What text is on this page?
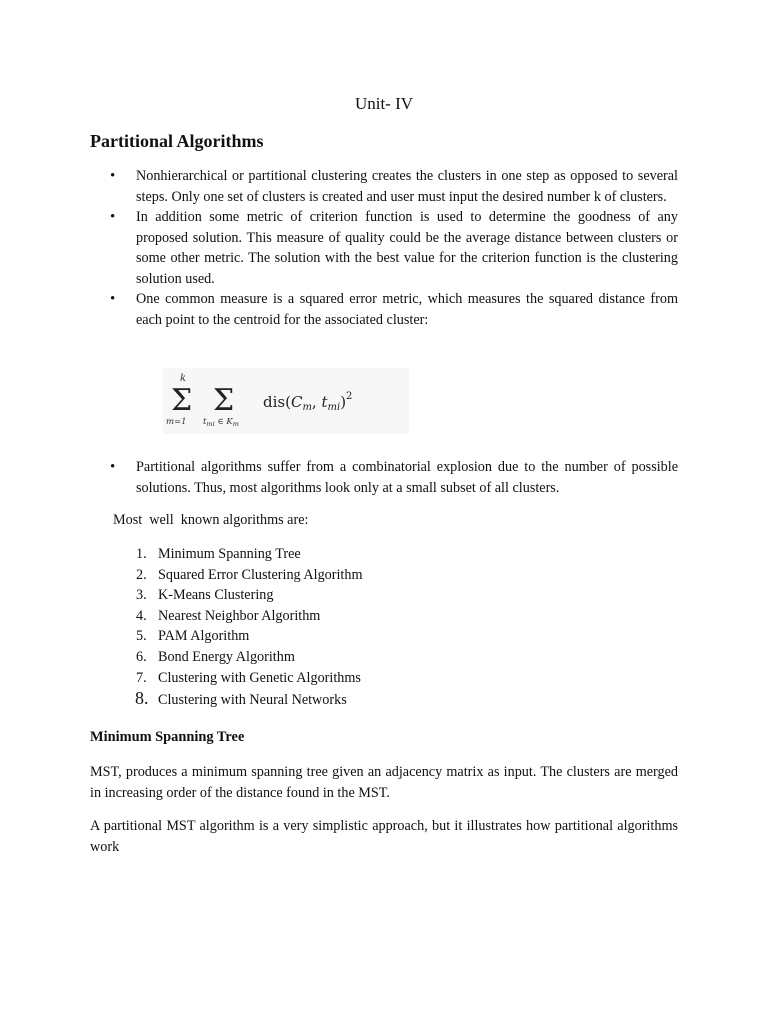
Unit- IV
Partitional Algorithms
• Nonhierarchical or partitional clustering creates the clusters in one step as opposed to several steps. Only one set of clusters is created and user must input the desired number k of clusters.
• In addition some metric of criterion function is used to determine the goodness of any proposed solution. This measure of quality could be the average distance between clusters or some other metric. The solution with the best value for the criterion function is the clustering solution used.
• One common measure is a squared error metric, which measures the squared distance from each point to the centroid for the associated cluster:
k
Σ
m=1
Σ
$t_{mi}$ ∈ $K_m$
$dis(C_m$, $t_{mi})^2$
• Partitional algorithms suffer from a combinatorial explosion due to the number of possible solutions. Thus, most algorithms look only at a small subset of all clusters.
Most  well  known algorithms are:
1. Minimum Spanning Tree
2. Squared Error Clustering Algorithm
3. K-Means Clustering
4. Nearest Neighbor Algorithm
5. PAM Algorithm
6. Bond Energy Algorithm
7. Clustering with Genetic Algorithms
8. Clustering with Neural Networks
Minimum Spanning Tree

MST, produces a minimum spanning tree given an adjacency matrix as input. The clusters are merged in increasing order of the distance found in the MST.

A partitional MST algorithm is a very simplistic approach, but it illustrates how partitional algorithms work
